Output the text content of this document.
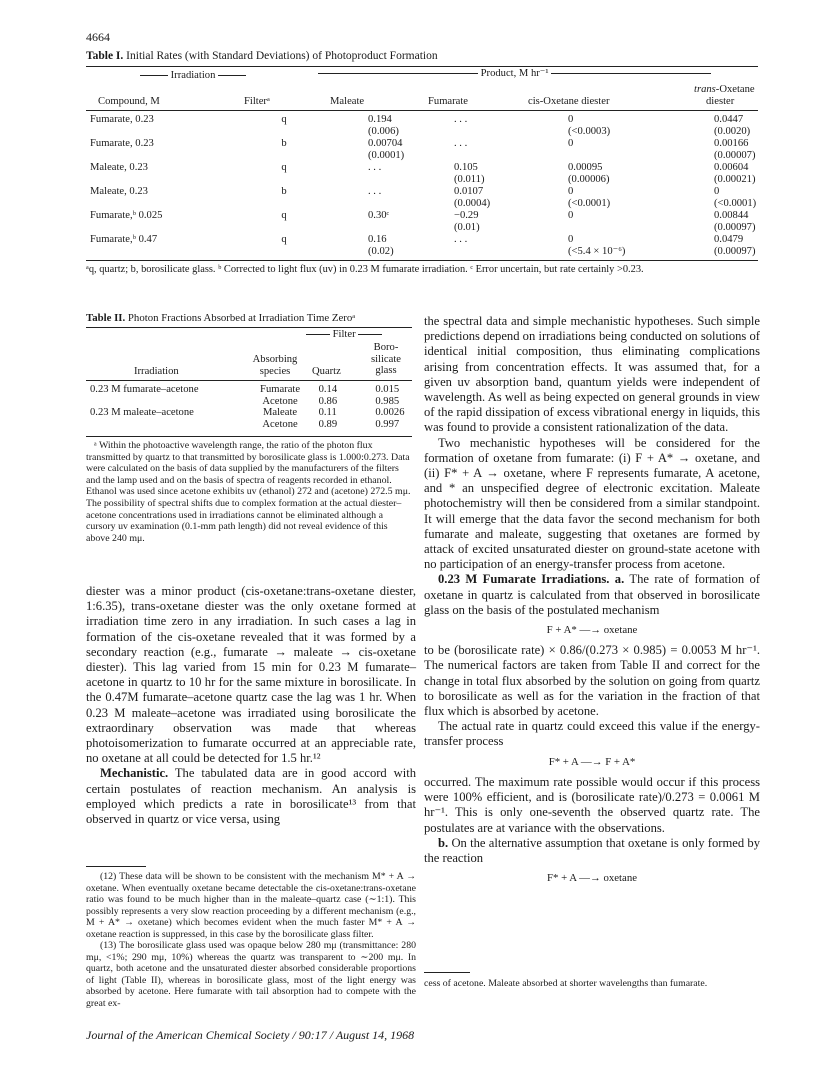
4664
Table I. Initial Rates (with Standard Deviations) of Photoproduct Formation
Irradiation	Product, M hr⁻¹
trans-Oxetane
Compound, M	Filterᵃ	Maleate	Fumarate	cis-Oxetane diester	diester
Fumarate, 0.23	q	0.194	. . .	0	0.0447
		(0.006)		(<0.0003)	(0.0020)
Fumarate, 0.23	b	0.00704	. . .	0	0.00166
		(0.0001)			(0.00007)
Maleate, 0.23	q	. . .	0.105	0.00095	0.00604
			(0.011)	(0.00006)	(0.00021)
Maleate, 0.23	b	. . .	0.0107	0	0
			(0.0004)	(<0.0001)	(<0.0001)
Fumarate,ᵇ 0.025	q	0.30ᶜ	−0.29	0	0.00844
			(0.01)		(0.00097)
Fumarate,ᵇ 0.47	q	0.16	. . .	0	0.0479
		(0.02)		(<5.4 × 10⁻⁶)	(0.00097)
ᵃq, quartz; b, borosilicate glass. ᵇ Corrected to light flux (uv) in 0.23 M fumarate irradiation. ᶜ Error uncertain, but rate certainly >0.23.
Table II. Photon Fractions Absorbed at Irradiation Time Zeroᵃ
Filter
Boro-
silicate
glass
Absorbing
species
Irradiation	Quartz
0.23 M fumarate–acetone	Fumarate	0.14	0.015
	Acetone	0.86	0.985
0.23 M maleate–acetone	Maleate	0.11	0.0026
	Acetone	0.89	0.997
ᵃ Within the photoactive wavelength range, the ratio of the photon flux transmitted by quartz to that transmitted by borosilicate glass is 1.000:0.273. Data were calculated on the basis of data supplied by the manufacturers of the filters and the lamp used and on the basis of spectra of reagents recorded in ethanol. Ethanol was used since acetone exhibits uv (ethanol) 272 and (acetone) 272.5 mμ. The possibility of spectral shifts due to complex formation at the actual diester–acetone concentrations used in irradiations cannot be eliminated although a cursory uv examination (0.1-mm path length) did not reveal evidence of this above 240 mμ.

diester was a minor product (cis-oxetane:trans-oxetane diester, 1:6.35), trans-oxetane diester was the only oxetane formed at irradiation time zero in any irradiation. In such cases a lag in formation of the cis-oxetane revealed that it was formed by a secondary reaction (e.g., fumarate → maleate → cis-oxetane diester). This lag varied from 15 min for 0.23 M fumarate–acetone in quartz to 10 hr for the same mixture in borosilicate. In the 0.47M fumarate–acetone quartz case the lag was 1 hr. When 0.23 M maleate–acetone was irradiated using borosilicate the extraordinary observation was made that whereas photoisomerization to fumarate occurred at an appreciable rate, no oxetane at all could be detected for 1.5 hr.¹²

Mechanistic. The tabulated data are in good accord with certain postulates of reaction mechanism. An analysis is employed which predicts a rate in borosilicate¹³ from that observed in quartz or vice versa, using

(12) These data will be shown to be consistent with the mechanism M* + A → oxetane. When eventually oxetane became detectable the cis-oxetane:trans-oxetane ratio was found to be much higher than in the maleate–quartz case (∼1:1). This possibly represents a very slow reaction proceeding by a different mechanism (e.g., M + A* → oxetane) which becomes evident when the much faster M* + A → oxetane reaction is suppressed, in this case by the borosilicate glass filter.

(13) The borosilicate glass used was opaque below 280 mμ (transmittance: 280 mμ, <1%; 290 mμ, 10%) whereas the quartz was transparent to ∼200 mμ. In quartz, both acetone and the unsaturated diester absorbed considerable proportions of light (Table II), whereas in borosilicate glass, most of the light energy was absorbed by acetone. Here fumarate with tail absorption had to compete with the great ex-

the spectral data and simple mechanistic hypotheses. Such simple predictions depend on irradiations being conducted on solutions of identical initial composition, thus eliminating complications arising from concentration effects. It was assumed that, for a given uv absorption band, quantum yields were independent of wavelength. As well as being expected on general grounds in view of the rapid dissipation of excess vibrational energy in liquids, this was found to provide a consistent rationalization of the data.

Two mechanistic hypotheses will be considered for the formation of oxetane from fumarate: (i) F + A* → oxetane, and (ii) F* + A → oxetane, where F represents fumarate, A acetone, and * an unspecified degree of electronic excitation. Maleate photochemistry will then be considered from a similar standpoint. It will emerge that the data favor the second mechanism for both fumarate and maleate, suggesting that oxetanes are formed by attack of excited unsaturated diester on ground-state acetone with no participation of an energy-transfer process from acetone.

0.23 M Fumarate Irradiations. a. The rate of formation of oxetane in quartz is calculated from that observed in borosilicate glass on the basis of the postulated mechanism

F + A* —→ oxetane

to be (borosilicate rate) × 0.86/(0.273 × 0.985) = 0.0053 M hr⁻¹. The numerical factors are taken from Table II and correct for the change in total flux absorbed by the solution on going from quartz to borosilicate as well as for the variation in the fraction of that flux which is absorbed by acetone.

The actual rate in quartz could exceed this value if the energy-transfer process

F* + A —→ F + A*

occurred. The maximum rate possible would occur if this process were 100% efficient, and is (borosilicate rate)/0.273 = 0.0061 M hr⁻¹. This is only one-seventh the observed quartz rate. The postulates are at variance with the observations.

b. On the alternative assumption that oxetane is only formed by the reaction

F* + A —→ oxetane
cess of acetone. Maleate absorbed at shorter wavelengths than fumarate.
Journal of the American Chemical Society / 90:17 / August 14, 1968
